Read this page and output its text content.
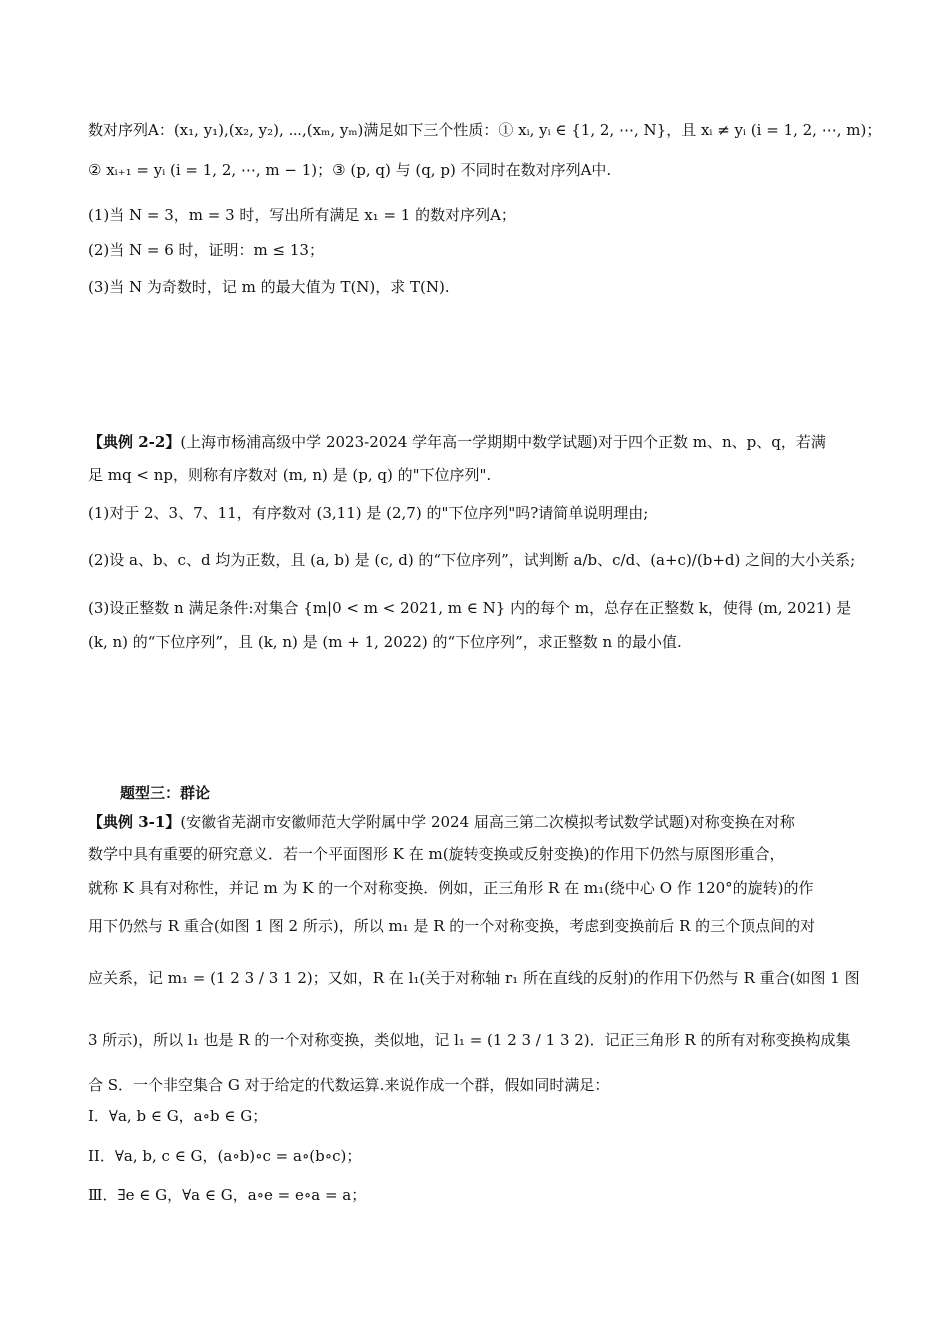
数对序列A：(x₁, y₁),(x₂, y₂), ⋯,(xₘ, yₘ)满足如下三个性质：① xᵢ, yᵢ ∈ {1, 2, ⋯, N}，且 xᵢ ≠ yᵢ (i = 1, 2, ⋯, m)；
② xᵢ₊₁ = yᵢ (i = 1, 2, ⋯, m − 1)；③ (p, q) 与 (q, p) 不同时在数对序列A中.
(1)当 N = 3，m = 3 时，写出所有满足 x₁ = 1 的数对序列A；
(2)当 N = 6 时，证明：m ≤ 13；
(3)当 N 为奇数时，记 m 的最大值为 T(N)，求 T(N).
【典例 2-2】(上海市杨浦高级中学 2023-2024 学年高一学期期中数学试题)对于四个正数 m、n、p、q，若满
足 mq < np，则称有序数对 (m, n) 是 (p, q) 的"下位序列".
(1)对于 2、3、7、11，有序数对 (3,11) 是 (2,7) 的"下位序列"吗?请简单说明理由;
(2)设 a、b、c、d 均为正数，且 (a, b) 是 (c, d) 的“下位序列”，试判断 a/b、c/d、(a+c)/(b+d) 之间的大小关系;
(3)设正整数 n 满足条件:对集合 {m|0 < m < 2021, m ∈ N} 内的每个 m，总存在正整数 k，使得 (m, 2021) 是
(k, n) 的“下位序列”，且 (k, n) 是 (m + 1, 2022) 的“下位序列”，求正整数 n 的最小值.
题型三：群论
【典例 3-1】(安徽省芜湖市安徽师范大学附属中学 2024 届高三第二次模拟考试数学试题)对称变换在对称
数学中具有重要的研究意义．若一个平面图形 K 在 m(旋转变换或反射变换)的作用下仍然与原图形重合，
就称 K 具有对称性，并记 m 为 K 的一个对称变换．例如，正三角形 R 在 m₁(绕中心 O 作 120°的旋转)的作
用下仍然与 R 重合(如图 1 图 2 所示)，所以 m₁ 是 R 的一个对称变换，考虑到变换前后 R 的三个顶点间的对
应关系，记 m₁ = (1 2 3 / 3 1 2)；又如，R 在 l₁(关于对称轴 r₁ 所在直线的反射)的作用下仍然与 R 重合(如图 1 图
3 所示)，所以 l₁ 也是 R 的一个对称变换，类似地，记 l₁ = (1 2 3 / 1 3 2)．记正三角形 R 的所有对称变换构成集
合 S．一个非空集合 G 对于给定的代数运算.来说作成一个群，假如同时满足：
I．∀a, b ∈ G，a∘b ∈ G；
II．∀a, b, c ∈ G，(a∘b)∘c = a∘(b∘c)；
Ⅲ．∃e ∈ G，∀a ∈ G，a∘e = e∘a = a；
